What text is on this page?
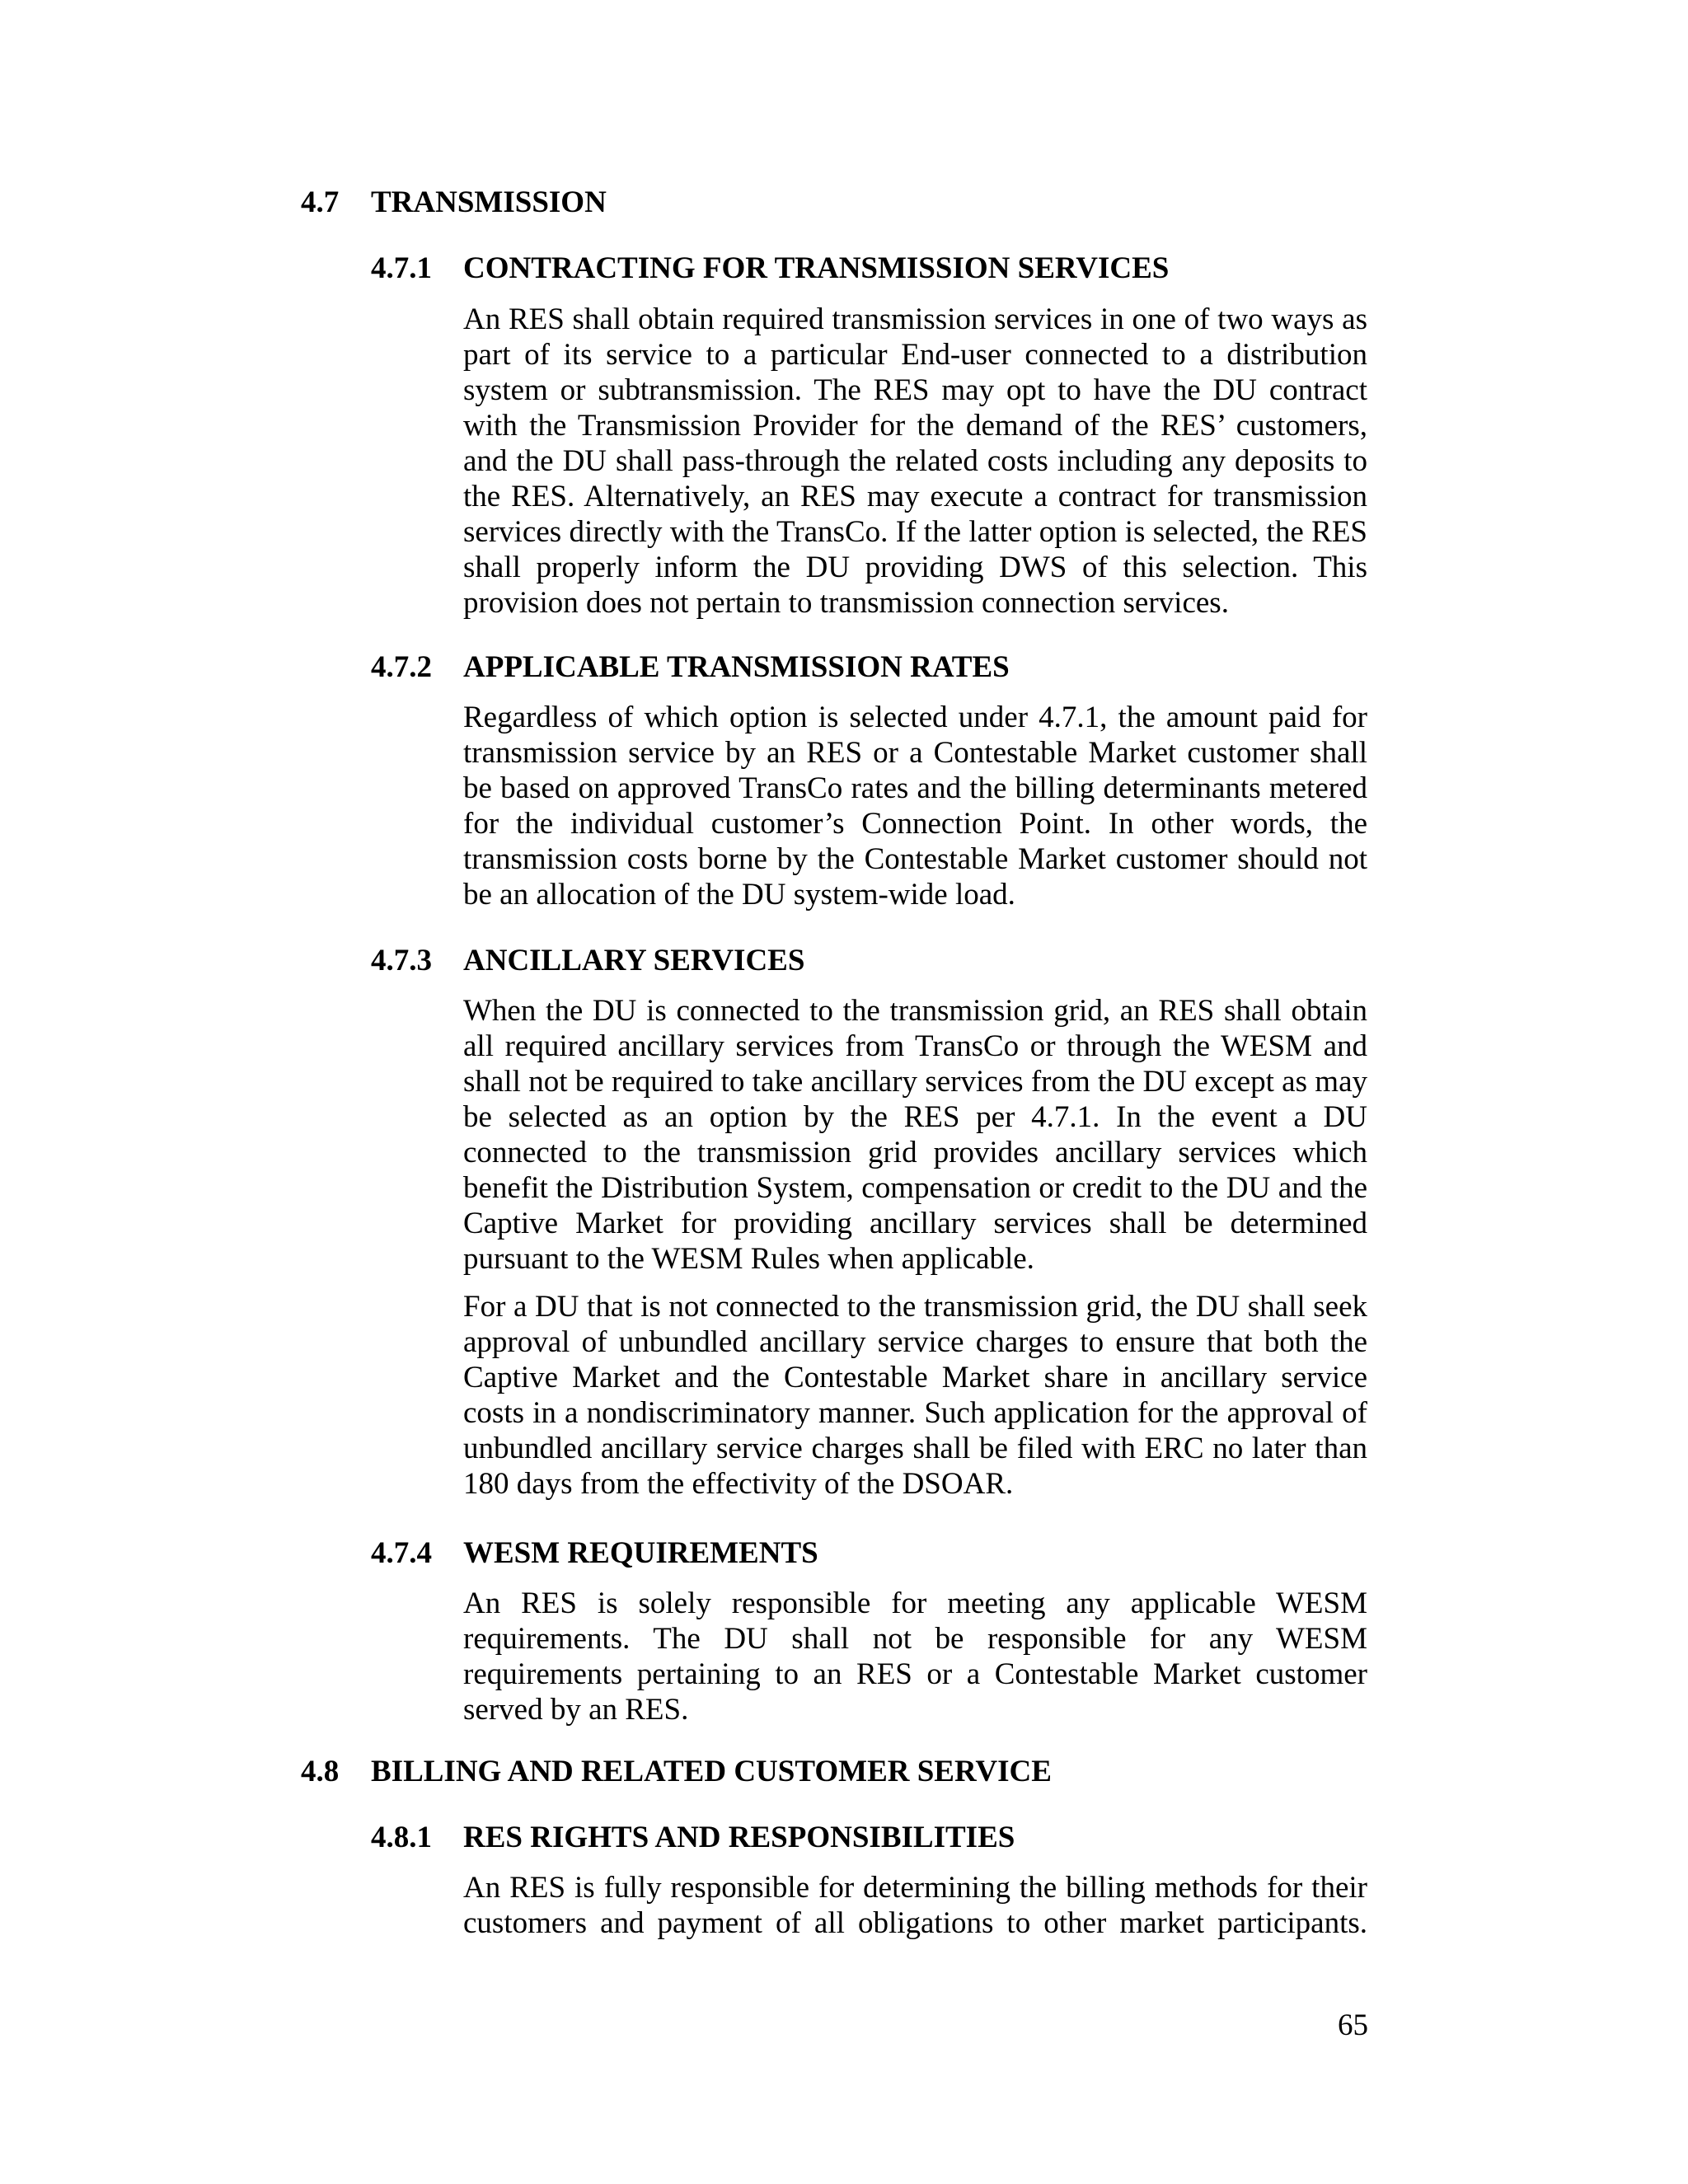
4.7 TRANSMISSION
4.7.1 CONTRACTING FOR TRANSMISSION SERVICES
An RES shall obtain required transmission services in one of two ways as part of its service to a particular End-user connected to a distribution system or subtransmission. The RES may opt to have the DU contract with the Transmission Provider for the demand of the RES’ customers, and the DU shall pass-through the related costs including any deposits to the RES. Alternatively, an RES may execute a contract for transmission services directly with the TransCo. If the latter option is selected, the RES shall properly inform the DU providing DWS of this selection. This provision does not pertain to transmission connection services.
4.7.2 APPLICABLE TRANSMISSION RATES
Regardless of which option is selected under 4.7.1, the amount paid for transmission service by an RES or a Contestable Market customer shall be based on approved TransCo rates and the billing determinants metered for the individual customer’s Connection Point. In other words, the transmission costs borne by the Contestable Market customer should not be an allocation of the DU system-wide load.
4.7.3 ANCILLARY SERVICES
When the DU is connected to the transmission grid, an RES shall obtain all required ancillary services from TransCo or through the WESM and shall not be required to take ancillary services from the DU except as may be selected as an option by the RES per 4.7.1. In the event a DU connected to the transmission grid provides ancillary services which benefit the Distribution System, compensation or credit to the DU and the Captive Market for providing ancillary services shall be determined pursuant to the WESM Rules when applicable.
For a DU that is not connected to the transmission grid, the DU shall seek approval of unbundled ancillary service charges to ensure that both the Captive Market and the Contestable Market share in ancillary service costs in a nondiscriminatory manner. Such application for the approval of unbundled ancillary service charges shall be filed with ERC no later than 180 days from the effectivity of the DSOAR.
4.7.4 WESM REQUIREMENTS
An RES is solely responsible for meeting any applicable WESM requirements. The DU shall not be responsible for any WESM requirements pertaining to an RES or a Contestable Market customer served by an RES.
4.8 BILLING AND RELATED CUSTOMER SERVICE
4.8.1 RES RIGHTS AND RESPONSIBILITIES
An RES is fully responsible for determining the billing methods for their customers and payment of all obligations to other market participants.
65
